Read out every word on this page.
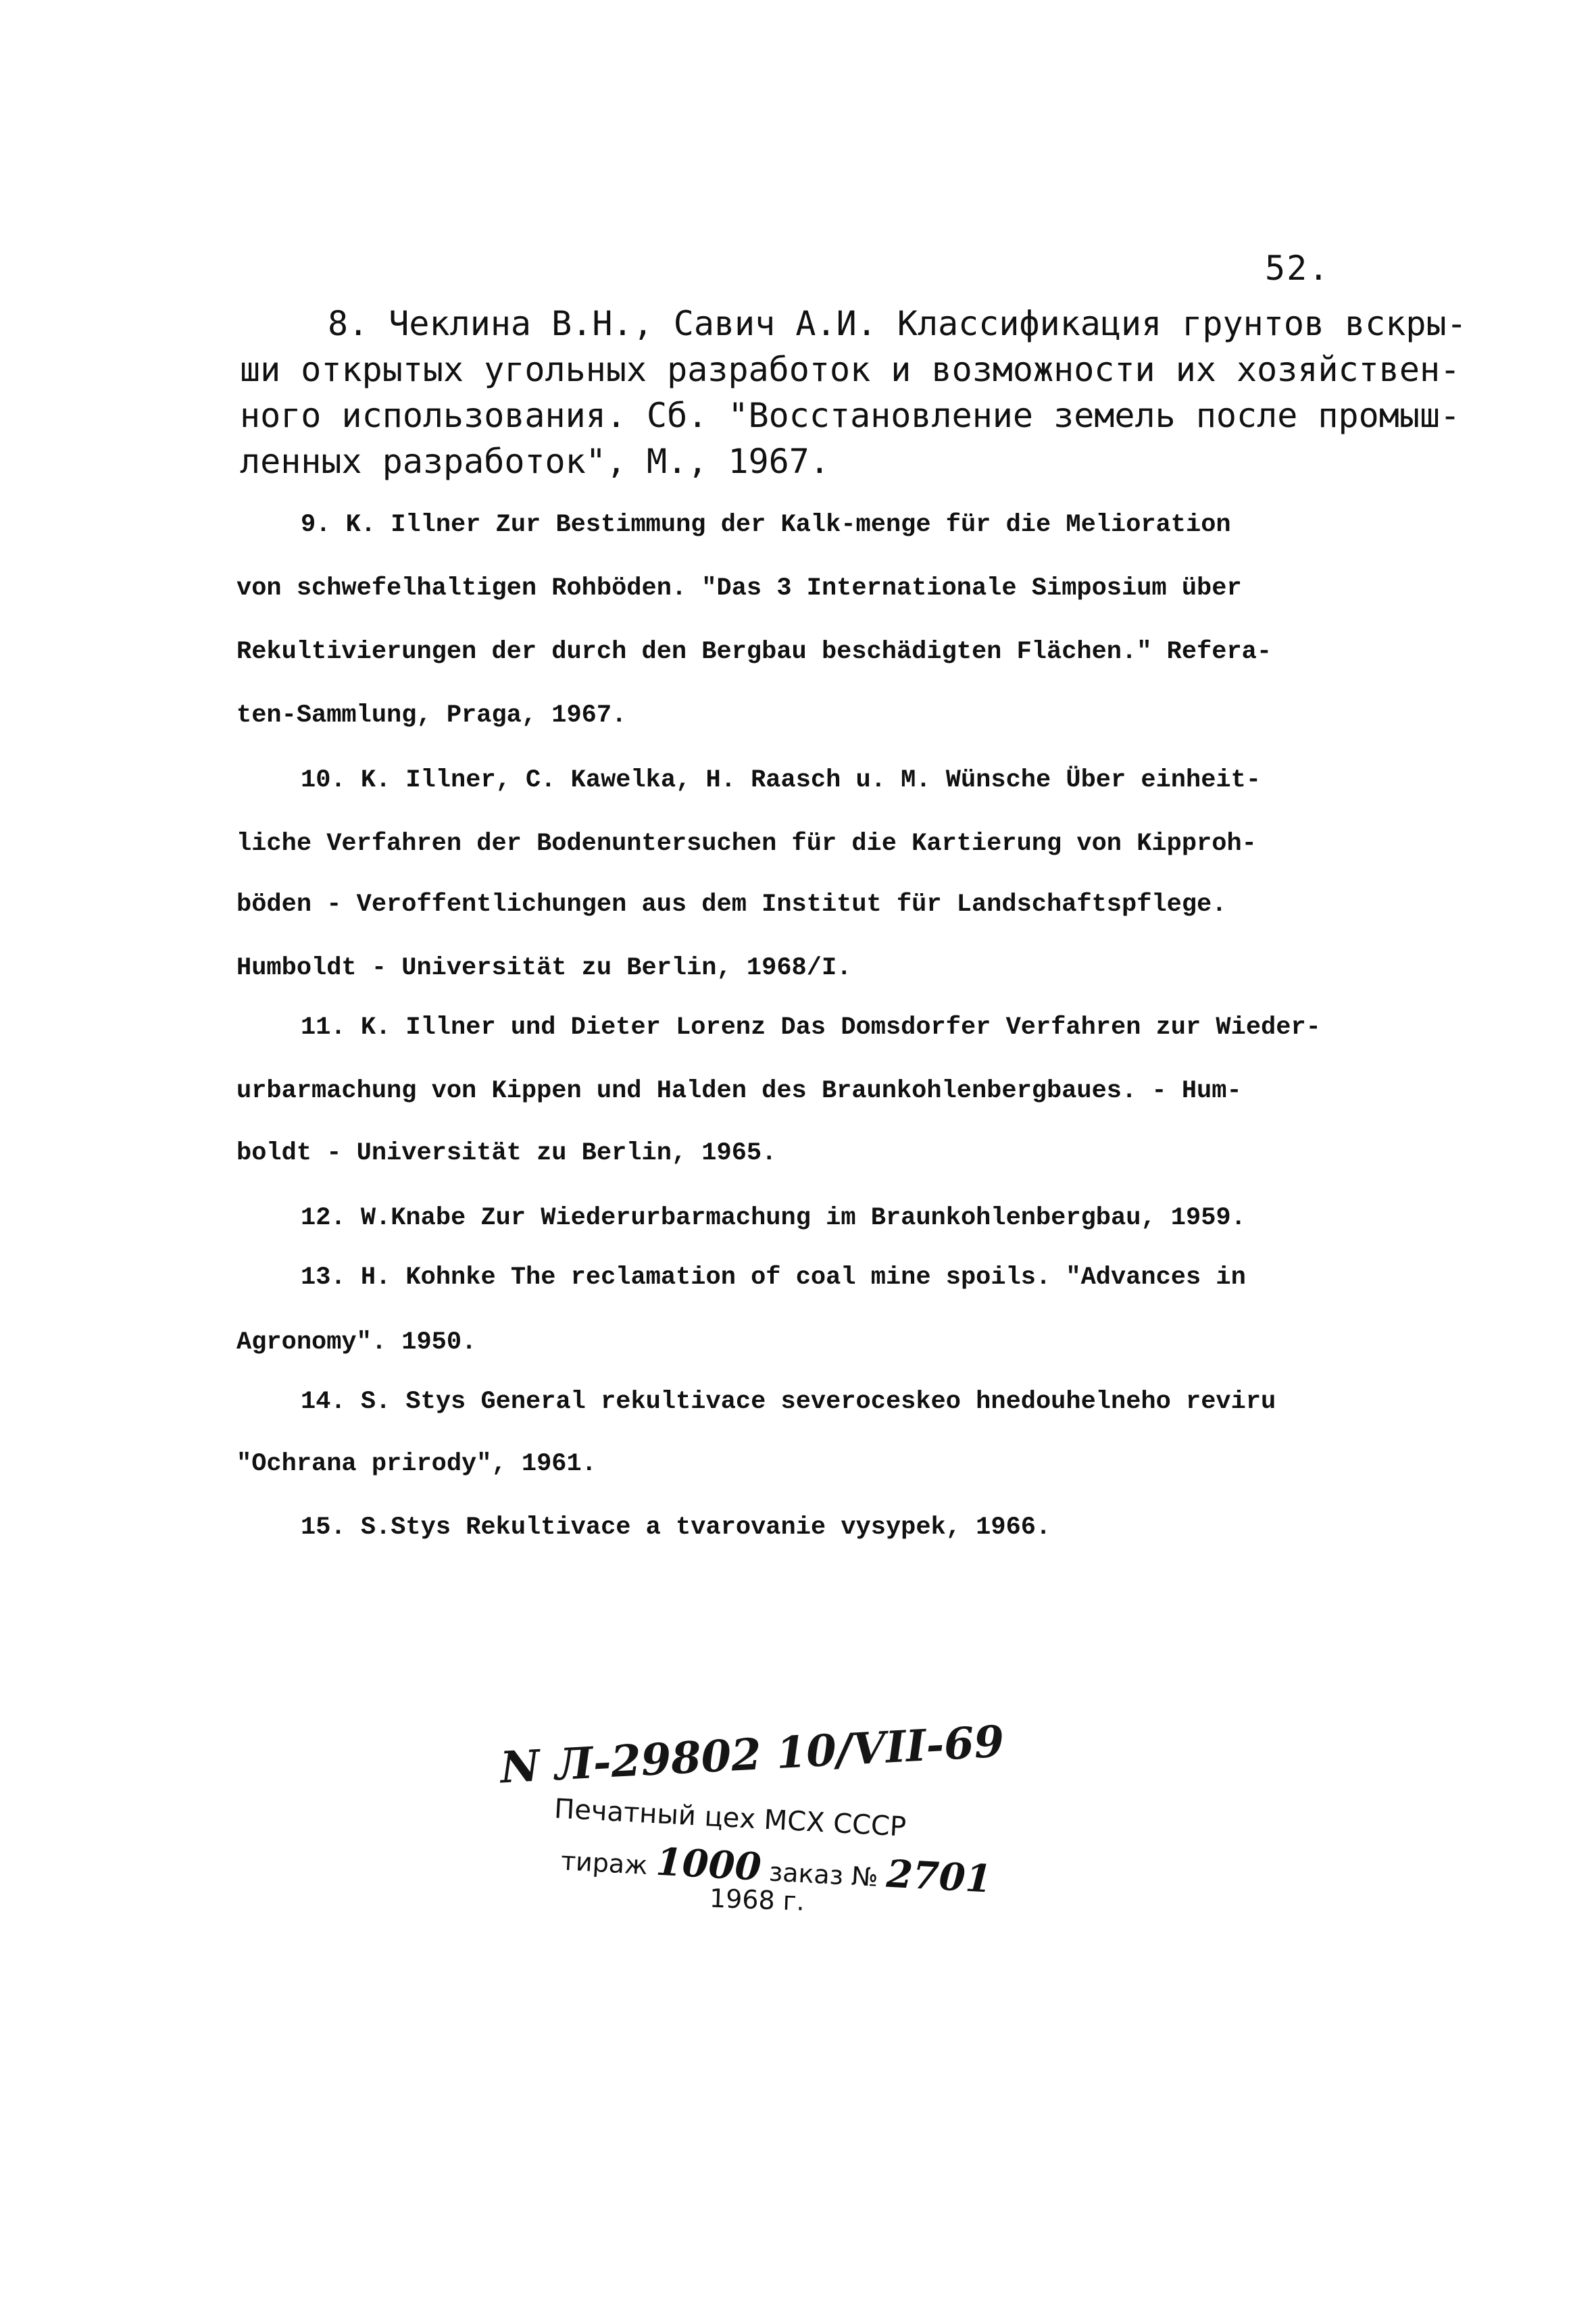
52.
8. Чеклина В.Н., Савич А.И. Классификация грунтов вскры-
ши открытых угольных разработок и возможности их хозяйствен-
ного использования. Сб. "Восстановление земель после промыш-
ленных разработок", М., 1967.
9. K. Illner Zur Bestimmung der Kalk-menge für die Melioration
von schwefelhaltigen Rohböden. "Das 3 Internationale Simposium über
Rekultivierungen der durch den Bergbau beschädigten Flächen." Refera-
ten-Sammlung, Praga, 1967.
10. K. Illner, C. Kawelka, H. Raasch u. M. Wünsche Über einheit-
liche Verfahren der Bodenuntersuchen für die Kartierung von Kipproh-
böden - Veroffentlichungen aus dem Institut für Landschaftspflege.
Humboldt - Universität zu Berlin, 1968/I.
11. K. Illner und Dieter Lorenz Das Domsdorfer Verfahren zur Wieder-
urbarmachung von Kippen und Halden des Braunkohlenbergbaues. - Hum-
boldt - Universität zu Berlin, 1965.
12. W.Knabe Zur Wiederurbarmachung im Braunkohlenbergbau, 1959.
13. H. Kohnke The reclamation of coal mine spoils. "Advances in
Agronomy". 1950.
14. S. Stys General rekultivace severoceskeo hnedouhelneho reviru
"Ochrana prirody", 1961.
15. S.Stys Rekultivace a tvarovanie vysypek, 1966.
N Л-29802 10/VII-69
Печатный цех МСХ СССР
тираж 1000 заказ № 2701
1968 г.
